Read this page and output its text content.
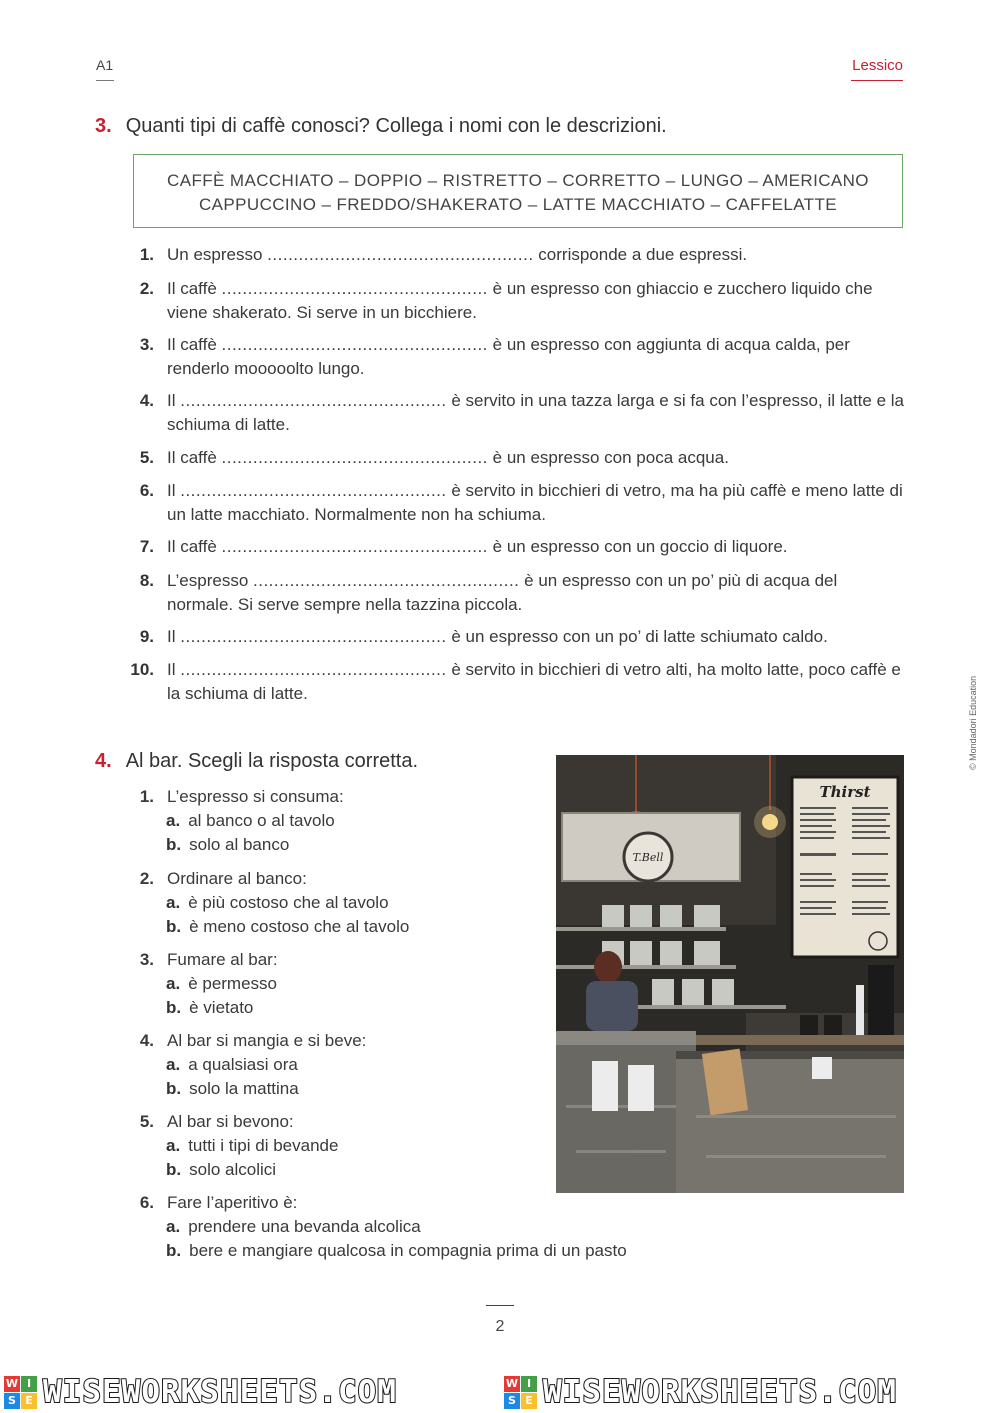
A1	Lessico
3. Quanti tipi di caffè conosci? Collega i nomi con le descrizioni.
CAFFÈ MACCHIATO – DOPPIO – RISTRETTO – CORRETTO – LUNGO – AMERICANO
CAPPUCCINO – FREDDO/SHAKERATO – LATTE MACCHIATO – CAFFELATTE
1. Un espresso ................................................... corrisponde a due espressi.
2. Il caffè ................................................... è un espresso con ghiaccio e zucchero liquido che viene shakerato. Si serve in un bicchiere.
3. Il caffè ................................................... è un espresso con aggiunta di acqua calda, per renderlo mooooolto lungo.
4. Il ................................................... è servito in una tazza larga e si fa con l’espresso, il latte e la schiuma di latte.
5. Il caffè ................................................... è un espresso con poca acqua.
6. Il ................................................... è servito in bicchieri di vetro, ma ha più caffè e meno latte di un latte macchiato. Normalmente non ha schiuma.
7. Il caffè ................................................... è un espresso con un goccio di liquore.
8. L’espresso ................................................... è un espresso con un po’ più di acqua del normale. Si serve sempre nella tazzina piccola.
9. Il ................................................... è un espresso con un po’ di latte schiumato caldo.
10. Il ................................................... è servito in bicchieri di vetro alti, ha molto latte, poco caffè e la schiuma di latte.
4. Al bar. Scegli la risposta corretta.
1. L’espresso si consuma:
a. al banco o al tavolo
b. solo al banco
2. Ordinare al banco:
a. è più costoso che al tavolo
b. è meno costoso che al tavolo
3. Fumare al bar:
a. è permesso
b. è vietato
4. Al bar si mangia e si beve:
a. a qualsiasi ora
b. solo la mattina
5. Al bar si bevono:
a. tutti i tipi di bevande
b. solo alcolici
6. Fare l’aperitivo è:
a. prendere una bevanda alcolica
b. bere e mangiare qualcosa in compagnia prima di un pasto
T.Bell
Thirst
© Mondadori Education
2
W I
S E WISEWORKSHEETS.COM	W I
S E WISEWORKSHEETS.COM
